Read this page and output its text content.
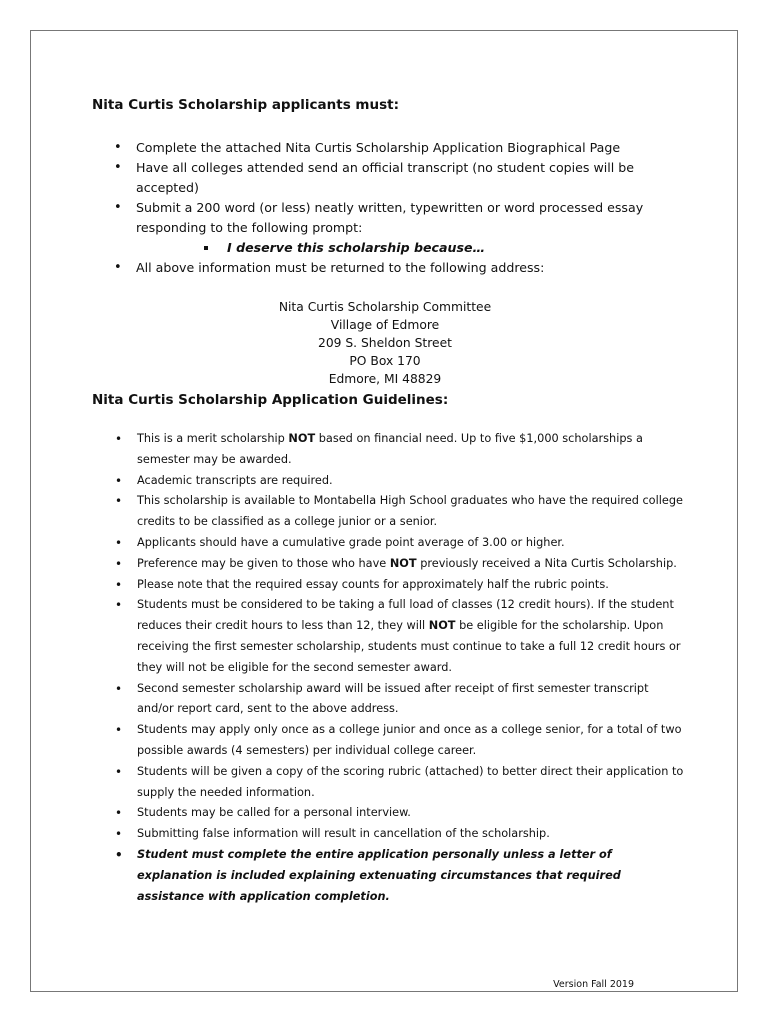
Nita Curtis Scholarship applicants must:
• Complete the attached Nita Curtis Scholarship Application Biographical Page
• Have all colleges attended send an official transcript (no student copies will be accepted)
• Submit a 200 word (or less) neatly written, typewritten or word processed essay responding to the following prompt:
I deserve this scholarship because…
• All above information must be returned to the following address:
Nita Curtis Scholarship Committee
Village of Edmore
209 S. Sheldon Street
PO Box 170
Edmore, MI 48829
Nita Curtis Scholarship Application Guidelines:
• This is a merit scholarship NOT based on financial need. Up to five $1,000 scholarships a semester may be awarded.
• Academic transcripts are required.
• This scholarship is available to Montabella High School graduates who have the required college credits to be classified as a college junior or a senior.
• Applicants should have a cumulative grade point average of 3.00 or higher.
• Preference may be given to those who have NOT previously received a Nita Curtis Scholarship.
• Please note that the required essay counts for approximately half the rubric points.
• Students must be considered to be taking a full load of classes (12 credit hours). If the student reduces their credit hours to less than 12, they will NOT be eligible for the scholarship. Upon receiving the first semester scholarship, students must continue to take a full 12 credit hours or they will not be eligible for the second semester award.
• Second semester scholarship award will be issued after receipt of first semester transcript and/or report card, sent to the above address.
• Students may apply only once as a college junior and once as a college senior, for a total of two possible awards (4 semesters) per individual college career.
• Students will be given a copy of the scoring rubric (attached) to better direct their application to supply the needed information.
• Students may be called for a personal interview.
• Submitting false information will result in cancellation of the scholarship.
• Student must complete the entire application personally unless a letter of explanation is included explaining extenuating circumstances that required assistance with application completion.
Version Fall 2019
